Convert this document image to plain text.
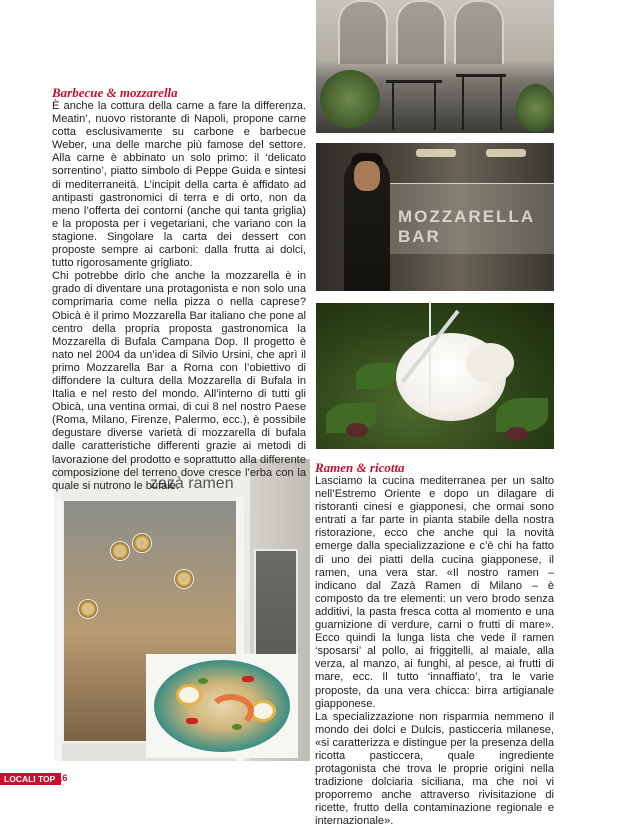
MOZZARELLA BAR
zazà ramen

Barbecue & mozzarella

È anche la cottura della carne a fare la differenza. Meatin’, nuovo ristorante di Napoli, propone carne cotta esclusivamente su carbone e barbecue Weber, una delle marche più famose del settore. Alla carne è abbinato un solo primo: il ‘delicato sorrentino’, piatto simbolo di Peppe Guida e sintesi di mediterraneità. L’incipit della carta è affidato ad antipasti gastronomici di terra e di orto, non da meno l’offerta dei contorni (anche qui tanta griglia) e la proposta per i vegetariani, che variano con la stagione. Singolare la carta dei dessert con proposte sempre ai carboni: dalla frutta ai dolci, tutto rigorosamente grigliato.

Chi potrebbe dirlo che anche la mozzarella è in grado di diventare una protagonista e non solo una comprimaria come nella pizza o nella caprese? Obicà è il primo Mozzarella Bar italiano che pone al centro della propria proposta gastronomica la Mozzarella di Bufala Campana Dop. Il progetto è nato nel 2004 da un’idea di Silvio Ursini, che aprì il primo Mozzarella Bar a Roma con l’obiettivo di diffondere la cultura della Mozzarella di Bufala in Italia e nel resto del mondo. All’interno di tutti gli Obicà, una ventina ormai, di cui 8 nel nostro Paese (Roma, Milano, Firenze, Palermo, ecc.), è possibile degustare diverse varietà di mozzarella di bufala dalle caratteristiche differenti grazie ai metodi di lavorazione del prodotto e soprattutto alla differente composizione del terreno dove cresce l’erba con la quale si nutrono le bufale.

Ramen & ricotta

Lasciamo la cucina mediterranea per un salto nell’Estremo Oriente e dopo un dilagare di ristoranti cinesi e giapponesi, che ormai sono entrati a far parte in pianta stabile della nostra ristorazione, ecco che anche qui la novità emerge dalla specializzazione e c’è chi ha fatto di uno dei piatti della cucina giapponese, il ramen, una vera star. «Il nostro ramen – indicano dal Zazà Ramen di Milano – è composto da tre elementi: un vero brodo senza additivi, la pasta fresca cotta al momento e una guarnizione di verdure, carni o frutti di mare». Ecco quindi la lunga lista che vede il ramen ‘sposarsi’ al pollo, ai friggitelli, al maiale, alla verza, al manzo, ai funghi, al pesce, ai frutti di mare, ecc. Il tutto ‘innaffiato’, tra le varie proposte, da una vera chicca: birra artigianale giapponese.

La specializzazione non risparmia nemmeno il mondo dei dolci e Dulcis, pasticceria milanese, «si caratterizza e distingue per la presenza della ricotta pasticcera, quale ingrediente protagonista che trova le proprie origini nella tradizione dolciaria siciliana, ma che noi vi proporremo anche attraverso rivisitazione di ricette, frutto della contaminazione regionale e internazionale».

LOCALI TOP 16
